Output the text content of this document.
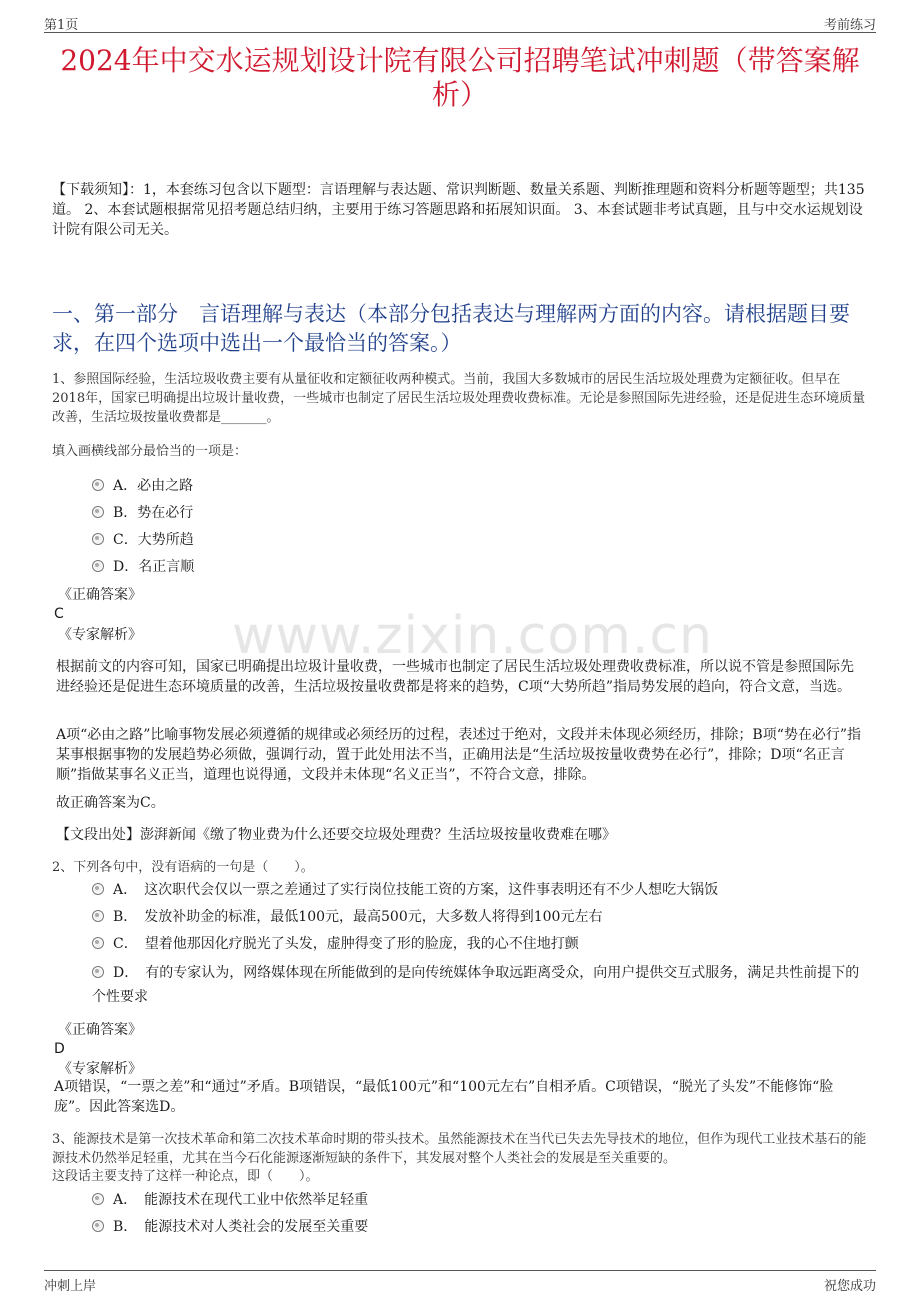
第1页	考前练习
2024年中交水运规划设计院有限公司招聘笔试冲刺题（带答案解析）
【下载须知】：1，本套练习包含以下题型：言语理解与表达题、常识判断题、数量关系题、判断推理题和资料分析题等题型；共135道。 2、本套试题根据常见招考题总结归纳，主要用于练习答题思路和拓展知识面。 3、本套试题非考试真题，且与中交水运规划设计院有限公司无关。
一、第一部分　言语理解与表达（本部分包括表达与理解两方面的内容。请根据题目要求，在四个选项中选出一个最恰当的答案。）
www.zixin.com.cn
1、参照国际经验，生活垃圾收费主要有从量征收和定额征收两种模式。当前，我国大多数城市的居民生活垃圾处理费为定额征收。但早在2018年，国家已明确提出垃圾计量收费，一些城市也制定了居民生活垃圾处理费收费标准。无论是参照国际先进经验，还是促进生态环境质量改善，生活垃圾按量收费都是_______。
填入画横线部分最恰当的一项是：
A．必由之路
B．势在必行
C．大势所趋
D．名正言顺
《正确答案》
C
《专家解析》
根据前文的内容可知，国家已明确提出垃圾计量收费，一些城市也制定了居民生活垃圾处理费收费标准，所以说不管是参照国际先进经验还是促进生态环境质量的改善，生活垃圾按量收费都是将来的趋势，C项“大势所趋”指局势发展的趋向，符合文意，当选。
A项“必由之路”比喻事物发展必须遵循的规律或必须经历的过程，表述过于绝对，文段并未体现必须经历，排除；B项“势在必行”指某事根据事物的发展趋势必须做，强调行动，置于此处用法不当，正确用法是“生活垃圾按量收费势在必行”，排除；D项“名正言顺”指做某事名义正当，道理也说得通，文段并未体现“名义正当”，不符合文意，排除。
故正确答案为C。
【文段出处】澎湃新闻《缴了物业费为什么还要交垃圾处理费？生活垃圾按量收费难在哪》
2、下列各句中，没有语病的一句是（　　）。
A．　这次职代会仅以一票之差通过了实行岗位技能工资的方案，这件事表明还有不少人想吃大锅饭
B．　发放补助金的标准，最低100元，最高500元，大多数人将得到100元左右
C．　望着他那因化疗脱光了头发，虚肿得变了形的脸庞，我的心不住地打颤
D．　有的专家认为，网络媒体现在所能做到的是向传统媒体争取远距离受众，向用户提供交互式服务，满足共性前提下的个性要求
《正确答案》
D
《专家解析》
A项错误，“一票之差”和“通过”矛盾。B项错误，“最低100元”和“100元左右”自相矛盾。C项错误，“脱光了头发”不能修饰“脸庞”。因此答案选D。
3、能源技术是第一次技术革命和第二次技术革命时期的带头技术。虽然能源技术在当代已失去先导技术的地位，但作为现代工业技术基石的能源技术仍然举足轻重，尤其在当今石化能源逐渐短缺的条件下，其发展对整个人类社会的发展是至关重要的。
这段话主要支持了这样一种论点，即（　　）。
A．　能源技术在现代工业中依然举足轻重
B．　能源技术对人类社会的发展至关重要
冲刺上岸	祝您成功
